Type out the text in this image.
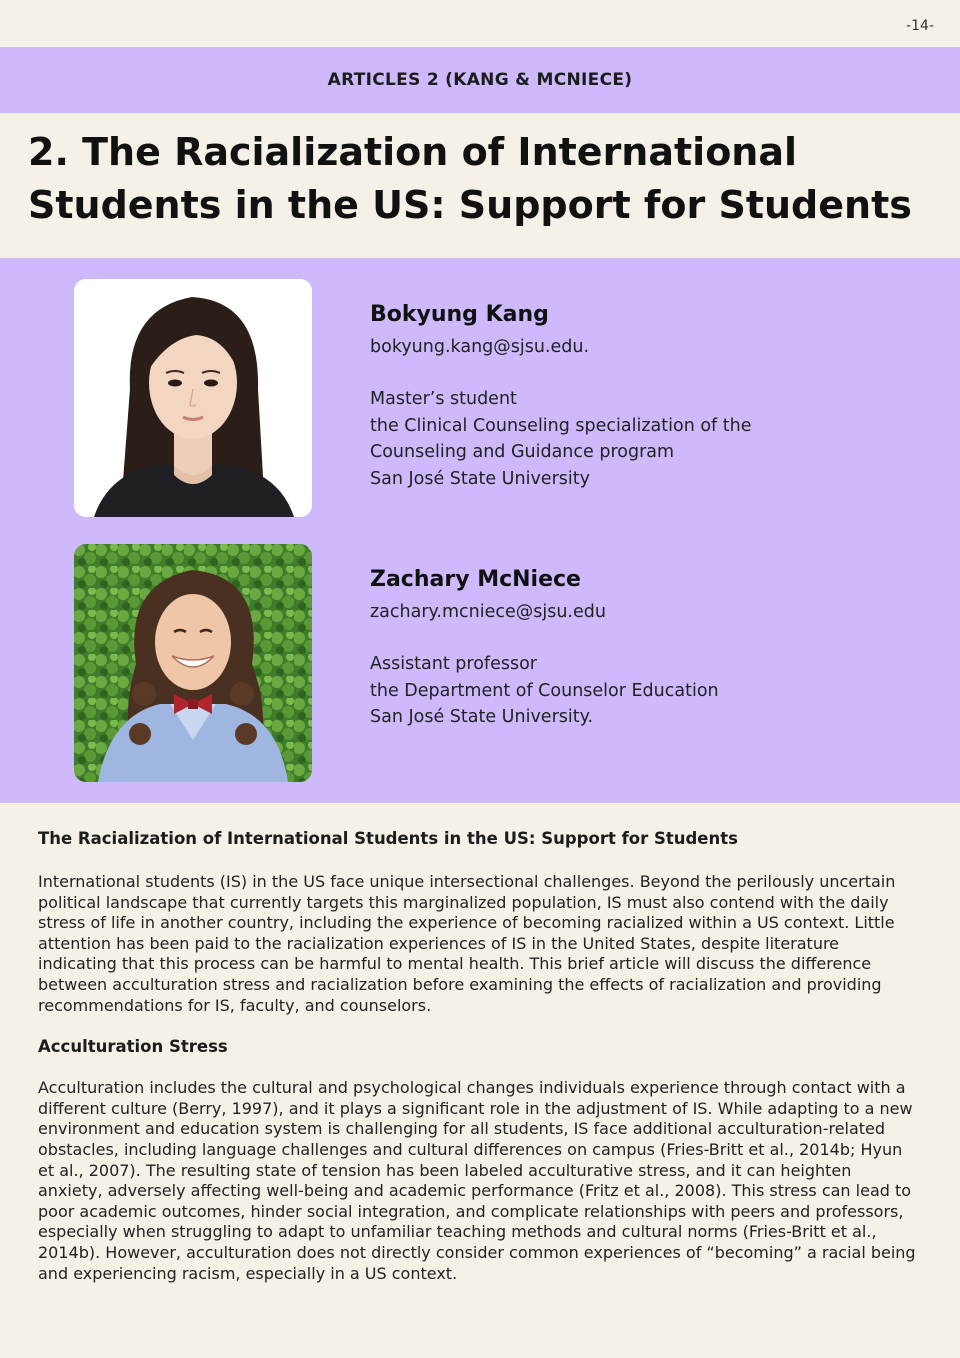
-14-
ARTICLES 2 (KANG & MCNIECE)
2. The Racialization of International
Students in the US: Support for Students

Bokyung Kang

bokyung.kang@sjsu.edu.

Master’s student

the Clinical Counseling specialization of the

Counseling and Guidance program

San José State University

Zachary McNiece

zachary.mcniece@sjsu.edu

Assistant professor

the Department of Counselor Education

San José State University.

The Racialization of International Students in the US: Support for Students

International students (IS) in the US face unique intersectional challenges. Beyond the perilously uncertain political landscape that currently targets this marginalized population, IS must also contend with the daily stress of life in another country, including the experience of becoming racialized within a US context. Little attention has been paid to the racialization experiences of IS in the United States, despite literature indicating that this process can be harmful to mental health. This brief article will discuss the difference between acculturation stress and racialization before examining the effects of racialization and providing recommendations for IS, faculty, and counselors.

Acculturation Stress

Acculturation includes the cultural and psychological changes individuals experience through contact with a different culture (Berry, 1997), and it plays a significant role in the adjustment of IS. While adapting to a new environment and education system is challenging for all students, IS face additional acculturation-related obstacles, including language challenges and cultural differences on campus (Fries-Britt et al., 2014b; Hyun et al., 2007). The resulting state of tension has been labeled acculturative stress, and it can heighten anxiety, adversely affecting well-being and academic performance (Fritz et al., 2008). This stress can lead to poor academic outcomes, hinder social integration, and complicate relationships with peers and professors, especially when struggling to adapt to unfamiliar teaching methods and cultural norms (Fries-Britt et al., 2014b). However, acculturation does not directly consider common experiences of “becoming” a racial being and experiencing racism, especially in a US context.
